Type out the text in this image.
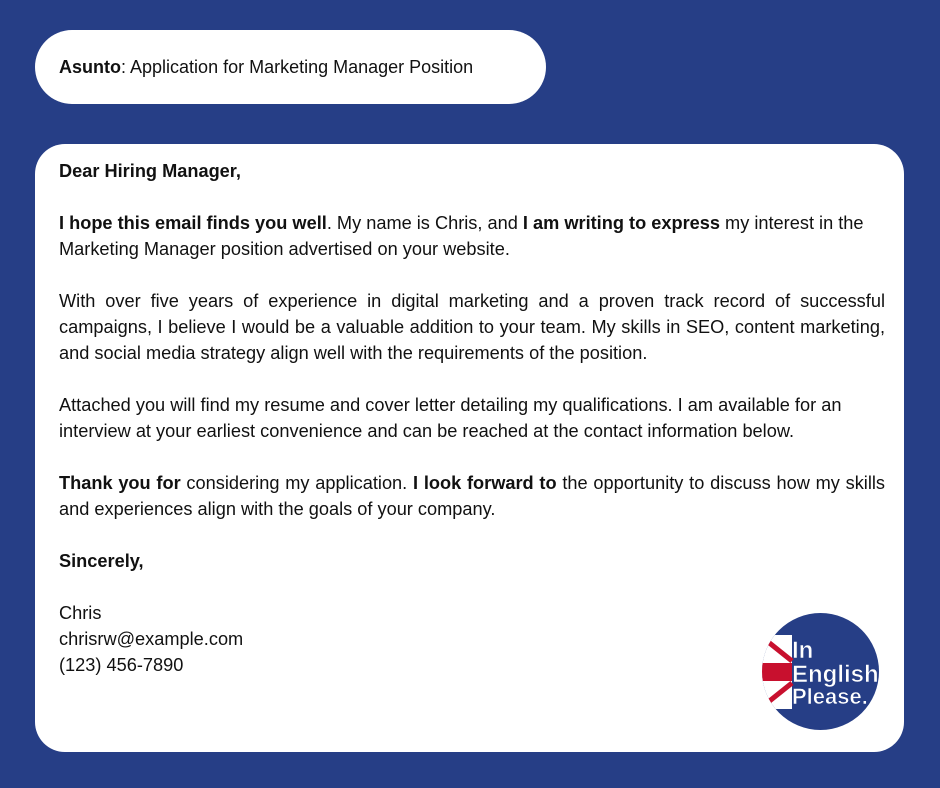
Asunto: Application for Marketing Manager Position

Dear Hiring Manager,

I hope this email finds you well. My name is Chris, and I am writing to express my interest in the Marketing Manager position advertised on your website.

With over five years of experience in digital marketing and a proven track record of successful campaigns, I believe I would be a valuable addition to your team. My skills in SEO, content marketing, and social media strategy align well with the requirements of the position.

Attached you will find my resume and cover letter detailing my qualifications. I am available for an interview at your earliest convenience and can be reached at the contact information below.

Thank you for considering my application. I look forward to the opportunity to discuss how my skills and experiences align with the goals of your company.

Sincerely,

Chris
chrisrw@example.com
(123) 456-7890
In
English
Please.
